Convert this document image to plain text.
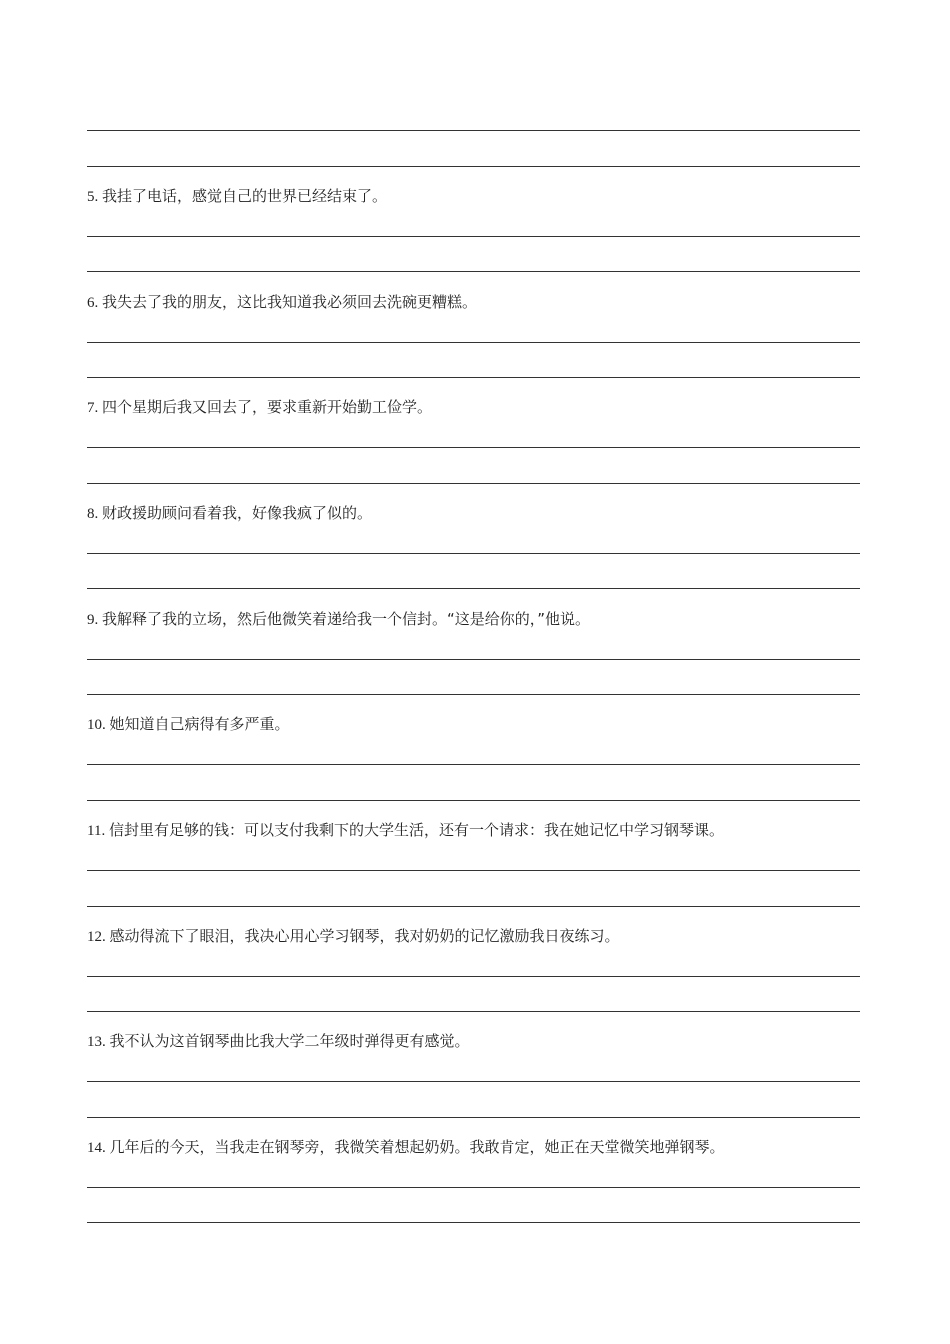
5. 我挂了电话，感觉自己的世界已经结束了。
6. 我失去了我的朋友，这比我知道我必须回去洗碗更糟糕。
7. 四个星期后我又回去了，要求重新开始勤工俭学。
8. 财政援助顾问看着我，好像我疯了似的。
9. 我解释了我的立场，然后他微笑着递给我一个信封。“这是给你的，”他说。
10. 她知道自己病得有多严重。
11. 信封里有足够的钱：可以支付我剩下的大学生活，还有一个请求：我在她记忆中学习钢琴课。
12. 感动得流下了眼泪，我决心用心学习钢琴，我对奶奶的记忆激励我日夜练习。
13. 我不认为这首钢琴曲比我大学二年级时弹得更有感觉。
14. 几年后的今天，当我走在钢琴旁，我微笑着想起奶奶。我敢肯定，她正在天堂微笑地弹钢琴。
